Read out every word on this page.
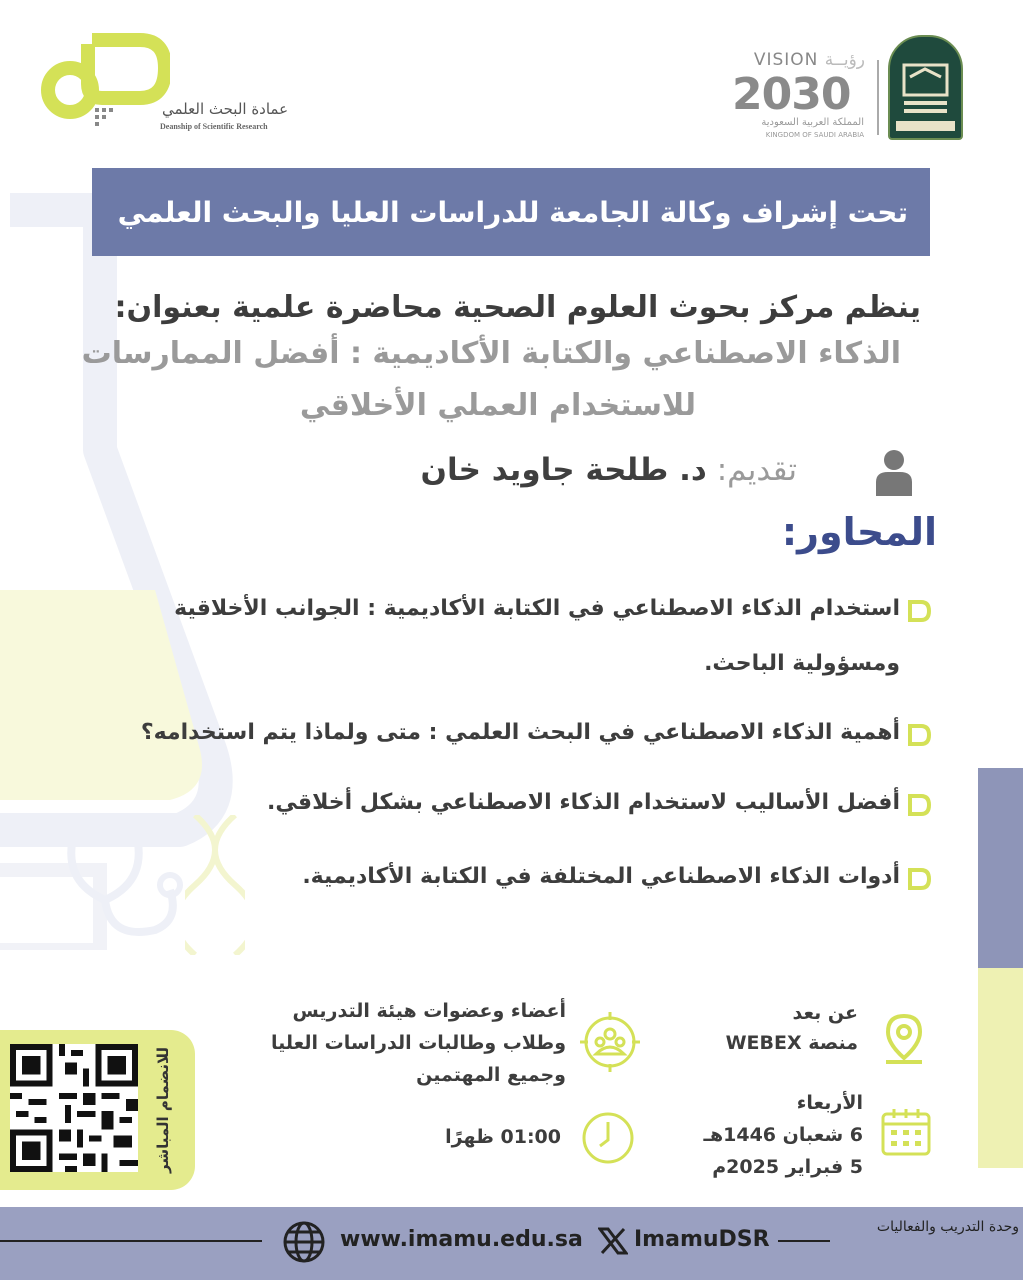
عمادة البحث العلمي
Deanship of Scientific Research
VISION رؤيــة
2030
المملكة العربية السعودية
KINGDOM OF SAUDI ARABIA
تحت إشراف وكالة الجامعة للدراسات العليا والبحث العلمي
ينظم مركز بحوث العلوم الصحية محاضرة علمية بعنوان:
الذكاء الاصطناعي والكتابة الأكاديمية : أفضل الممارسات
للاستخدام العملي الأخلاقي
تقديم: د. طلحة جاويد خان
المحاور:
استخدام الذكاء الاصطناعي في الكتابة الأكاديمية : الجوانب الأخلاقية
ومسؤولية الباحث.
أهمية الذكاء الاصطناعي في البحث العلمي : متى ولماذا يتم استخدامه؟
أفضل الأساليب لاستخدام الذكاء الاصطناعي بشكل أخلاقي.
أدوات الذكاء الاصطناعي المختلفة في الكتابة الأكاديمية.
عن بعد
منصة WEBEX
أعضاء وعضوات هيئة التدريس
وطلاب وطالبات الدراسات العليا
وجميع المهتمين
الأربعاء
6 شعبان 1446هـ
5 فبراير 2025م
01:00 ظهرًا
للانضمام المباشر
www.imamu.edu.sa ImamuDSR	وحدة التدريب والفعاليات
